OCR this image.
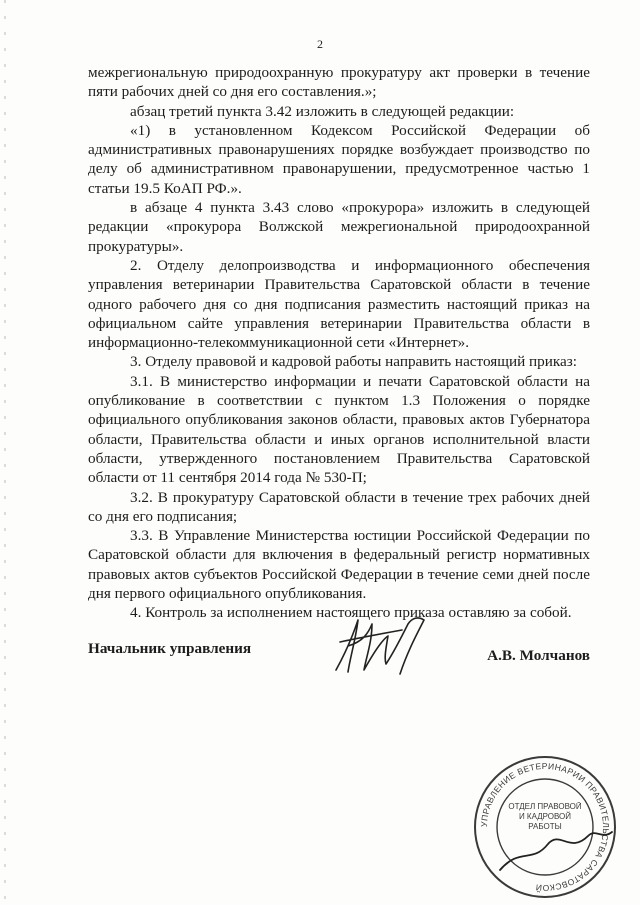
2

межрегиональную природоохранную прокуратуру акт проверки в течение пяти рабочих дней со дня его составления.»;

абзац третий пункта 3.42 изложить в следующей редакции:

«1) в установленном Кодексом Российской Федерации об административных правонарушениях порядке возбуждает производство по делу об административном правонарушении, предусмотренное частью 1 статьи 19.5 КоАП РФ.».

в абзаце 4 пункта 3.43 слово «прокурора» изложить в следующей редакции «прокурора Волжской межрегиональной природоохранной прокуратуры».

2. Отделу делопроизводства и информационного обеспечения управления ветеринарии Правительства Саратовской области в течение одного рабочего дня со дня подписания разместить настоящий приказ на официальном сайте управления ветеринарии Правительства области в информационно-телекоммуникационной сети «Интернет».

3. Отделу правовой и кадровой работы направить настоящий приказ:

3.1. В министерство информации и печати Саратовской области на опубликование в соответствии с пунктом 1.3 Положения о порядке официального опубликования законов области, правовых актов Губернатора области, Правительства области и иных органов исполнительной власти области, утвержденного постановлением Правительства Саратовской области от 11 сентября 2014 года № 530-П;

3.2. В прокуратуру Саратовской области в течение трех рабочих дней со дня его подписания;

3.3. В Управление Министерства юстиции Российской Федерации по Саратовской области для включения в федеральный регистр нормативных правовых актов субъектов Российской Федерации в течение семи дней после дня первого официального опубликования.

4. Контроль за исполнением настоящего приказа оставляю за собой.

Начальник управления	А.В. Молчанов
УПРАВЛЕНИЕ ВЕТЕРИНАРИИ ПРАВИТЕЛЬСТВА САРАТОВСКОЙ
ОТДЕЛ ПРАВОВОЙ И КАДРОВОЙ РАБОТЫ
